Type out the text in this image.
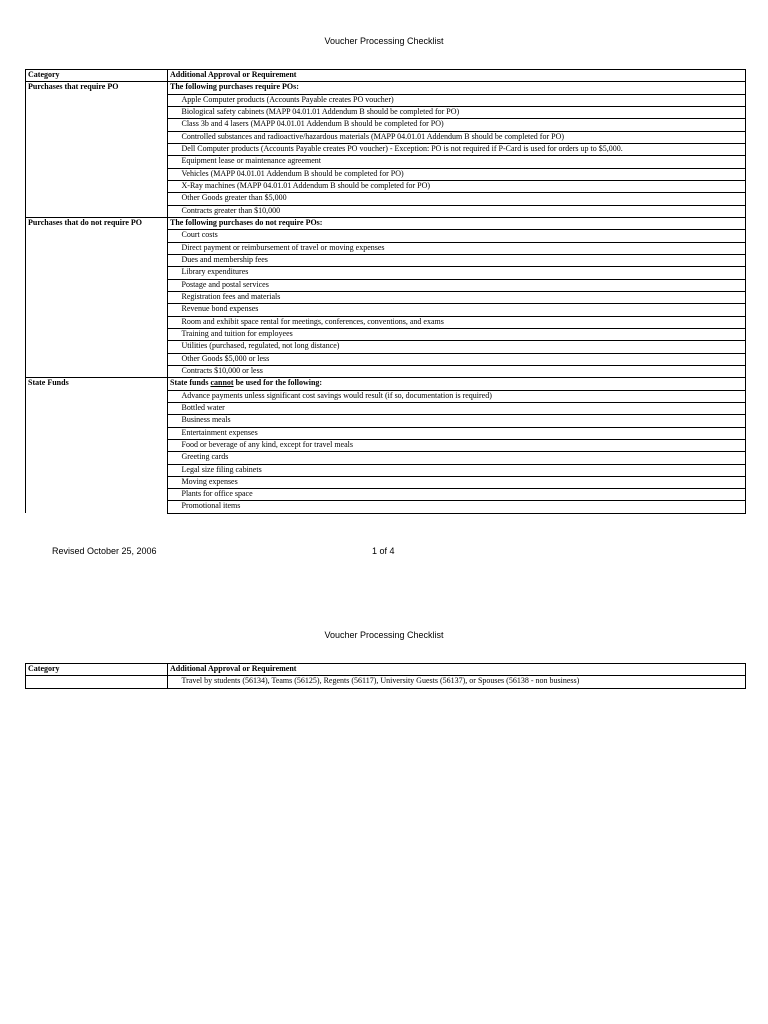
Voucher Processing Checklist
Category	Additional Approval or Requirement	
Purchases that require PO	The following purchases require POs:	
		Apple Computer products (Accounts Payable creates PO voucher)
		Biological safety cabinets (MAPP 04.01.01 Addendum B should be completed for PO)
		Class 3b and 4 lasers (MAPP 04.01.01 Addendum B should be completed for PO)
		Controlled substances and radioactive/hazardous materials (MAPP 04.01.01 Addendum B should be completed for PO)
		Dell Computer products (Accounts Payable creates PO voucher) - Exception: PO is not required if P-Card is used for orders up to $5,000.
		Equipment lease or maintenance agreement
		Vehicles (MAPP 04.01.01 Addendum B should be completed for PO)
		X-Ray machines (MAPP 04.01.01 Addendum B should be completed for PO)
		Other Goods greater than $5,000
		Contracts greater than $10,000
Purchases that do not require PO	The following purchases do not require POs:	
		Court costs
		Direct payment or reimbursement of travel or moving expenses
		Dues and membership fees
		Library expenditures
		Postage and postal services
		Registration fees and materials
		Revenue bond expenses
		Room and exhibit space rental for meetings, conferences, conventions, and exams
		Training and tuition for employees
		Utilities (purchased, regulated, not long distance)
		Other Goods $5,000 or less
		Contracts $10,000 or less
State Funds	State funds cannot be used for the following:	
		Advance payments unless significant cost savings would result (if so, documentation is required)
		Bottled water
		Business meals
		Entertainment expenses
		Food or beverage of any kind, except for travel meals
		Greeting cards
		Legal size filing cabinets
		Moving expenses
		Plants for office space
		Promotional items
Revised October 25, 2006	1 of 4
Voucher Processing Checklist
Category	Additional Approval or Requirement	
		Travel by students (56134), Teams (56125), Regents (56117), University Guests (56137), or Spouses (56138 - non business)
